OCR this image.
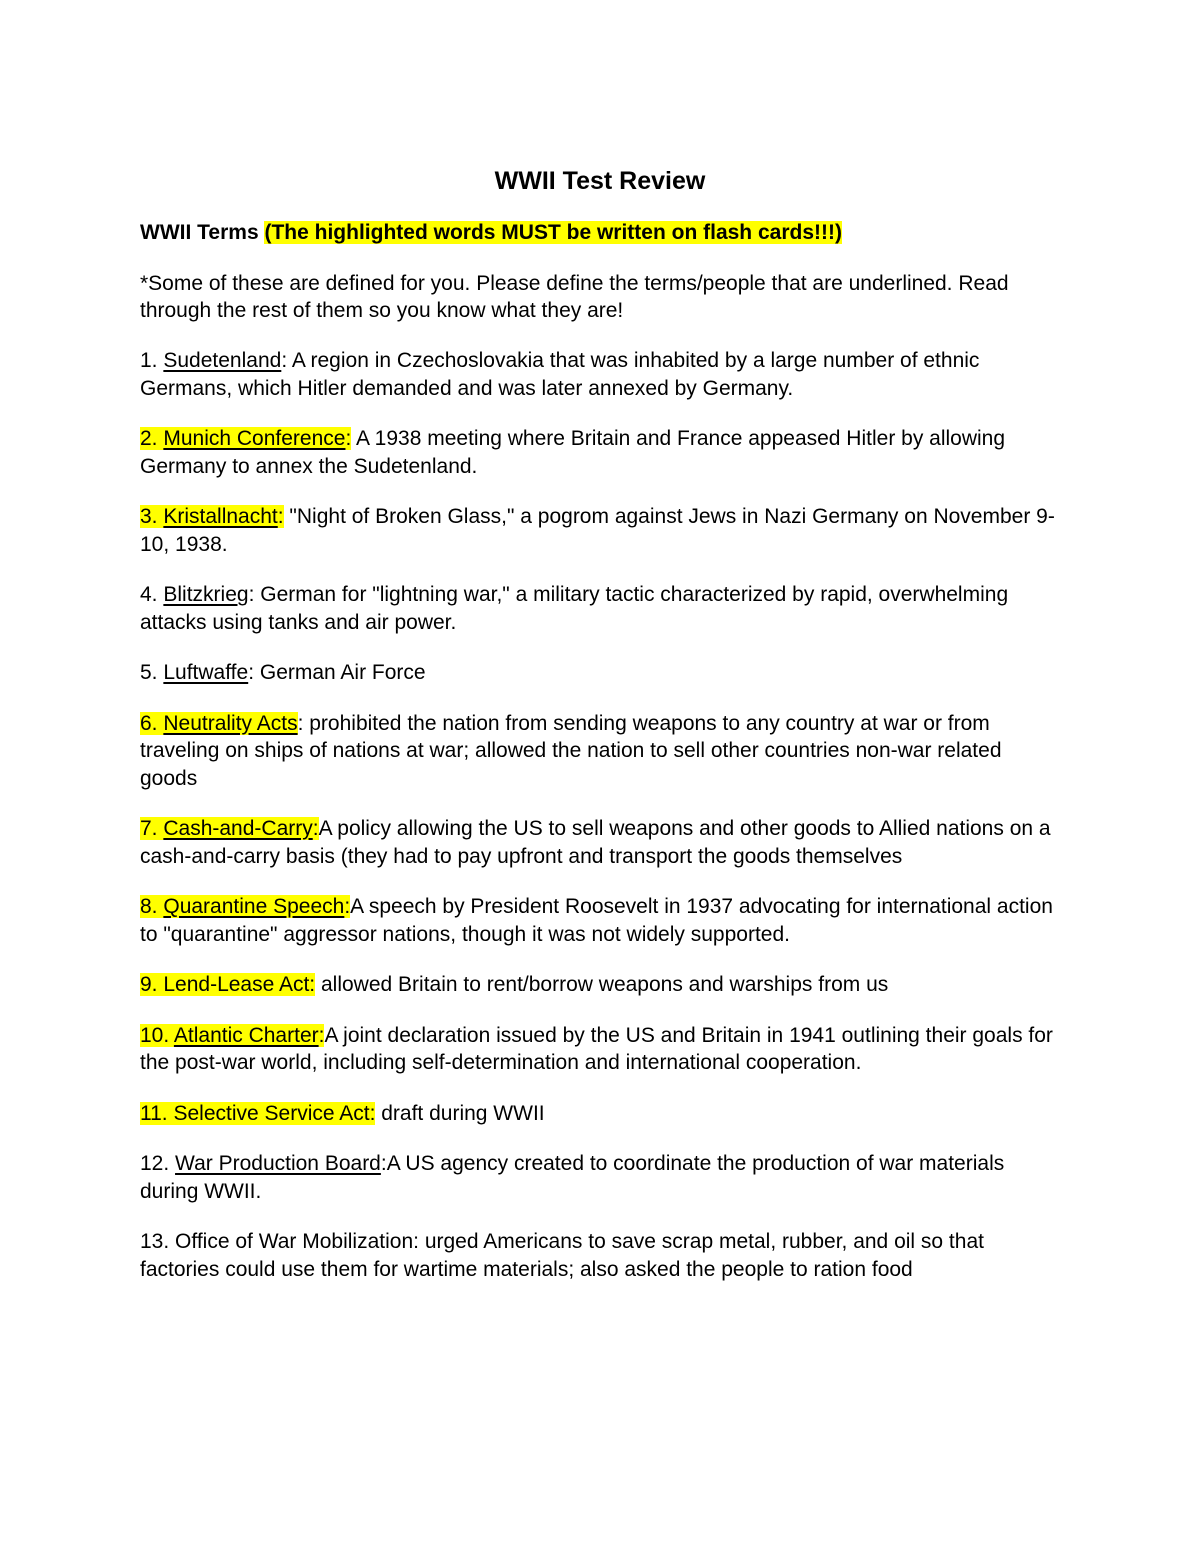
WWII Test Review
WWII Terms (The highlighted words MUST be written on flash cards!!!)
*Some of these are defined for you. Please define the terms/people that are underlined. Read through the rest of them so you know what they are!
1. Sudetenland: A region in Czechoslovakia that was inhabited by a large number of ethnic Germans, which Hitler demanded and was later annexed by Germany.
2. Munich Conference: A 1938 meeting where Britain and France appeased Hitler by allowing Germany to annex the Sudetenland.
3. Kristallnacht: "Night of Broken Glass," a pogrom against Jews in Nazi Germany on November 9-10, 1938.
4. Blitzkrieg: German for "lightning war," a military tactic characterized by rapid, overwhelming attacks using tanks and air power.
5. Luftwaffe: German Air Force
6. Neutrality Acts: prohibited the nation from sending weapons to any country at war or from traveling on ships of nations at war; allowed the nation to sell other countries non-war related goods
7. Cash-and-Carry:A policy allowing the US to sell weapons and other goods to Allied nations on a cash-and-carry basis (they had to pay upfront and transport the goods themselves
8. Quarantine Speech:A speech by President Roosevelt in 1937 advocating for international action to "quarantine" aggressor nations, though it was not widely supported.
9. Lend-Lease Act: allowed Britain to rent/borrow weapons and warships from us
10. Atlantic Charter:A joint declaration issued by the US and Britain in 1941 outlining their goals for the post-war world, including self-determination and international cooperation.
11. Selective Service Act: draft during WWII
12. War Production Board:A US agency created to coordinate the production of war materials during WWII.
13. Office of War Mobilization: urged Americans to save scrap metal, rubber, and oil so that factories could use them for wartime materials; also asked the people to ration food
